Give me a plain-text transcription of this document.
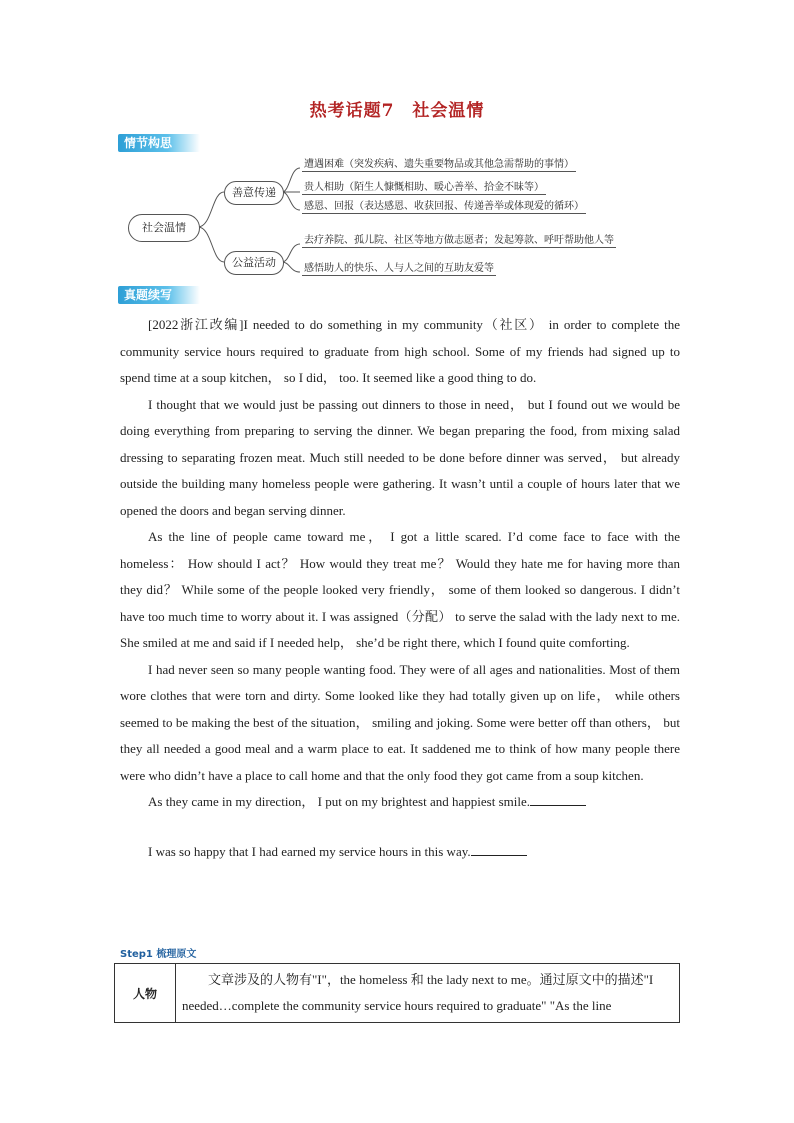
热考话题7　社会温情
情节构思
社会温情
善意传递
公益活动
遭遇困难（突发疾病、遗失重要物品或其他急需帮助的事情）
贵人相助（陌生人慷慨相助、暖心善举、拾金不昧等）
感恩、回报（表达感恩、收获回报、传递善举或体现爱的循环）
去疗养院、孤儿院、社区等地方做志愿者；发起筹款、呼吁帮助他人等
感悟助人的快乐、人与人之间的互助友爱等
真题续写

[2022浙江改编]I needed to do something in my community（社区） in order to complete the community service hours required to graduate from high school. Some of my friends had signed up to spend time at a soup kitchen， so I did， too. It seemed like a good thing to do.

I thought that we would just be passing out dinners to those in need， but I found out we would be doing everything from preparing to serving the dinner. We began preparing the food, from mixing salad dressing to separating frozen meat. Much still needed to be done before dinner was served， but already outside the building many homeless people were gathering. It wasn’t until a couple of hours later that we opened the doors and began serving dinner.

As the line of people came toward me， I got a little scared. I’d come face to face with the homeless： How should I act？ How would they treat me？ Would they hate me for having more than they did？ While some of the people looked very friendly， some of them looked so dangerous. I didn’t have too much time to worry about it. I was assigned（分配） to serve the salad with the lady next to me. She smiled at me and said if I needed help， she’d be right there, which I found quite comforting.

I had never seen so many people wanting food. They were of all ages and nationalities. Most of them wore clothes that were torn and dirty. Some looked like they had totally given up on life， while others seemed to be making the best of the situation， smiling and joking. Some were better off than others， but they all needed a good meal and a warm place to eat. It saddened me to think of how many people there were who didn’t have a place to call home and that the only food they got came from a soup kitchen.

As they came in my direction， I put on my brightest and happiest smile.

I was so happy that I had earned my service hours in this way.

Step1 梳理原文
人物	文章涉及的人物有"I"，the homeless 和 the lady next to me。通过原文中的描述"I needed…complete the community service hours required to graduate" "As the line
